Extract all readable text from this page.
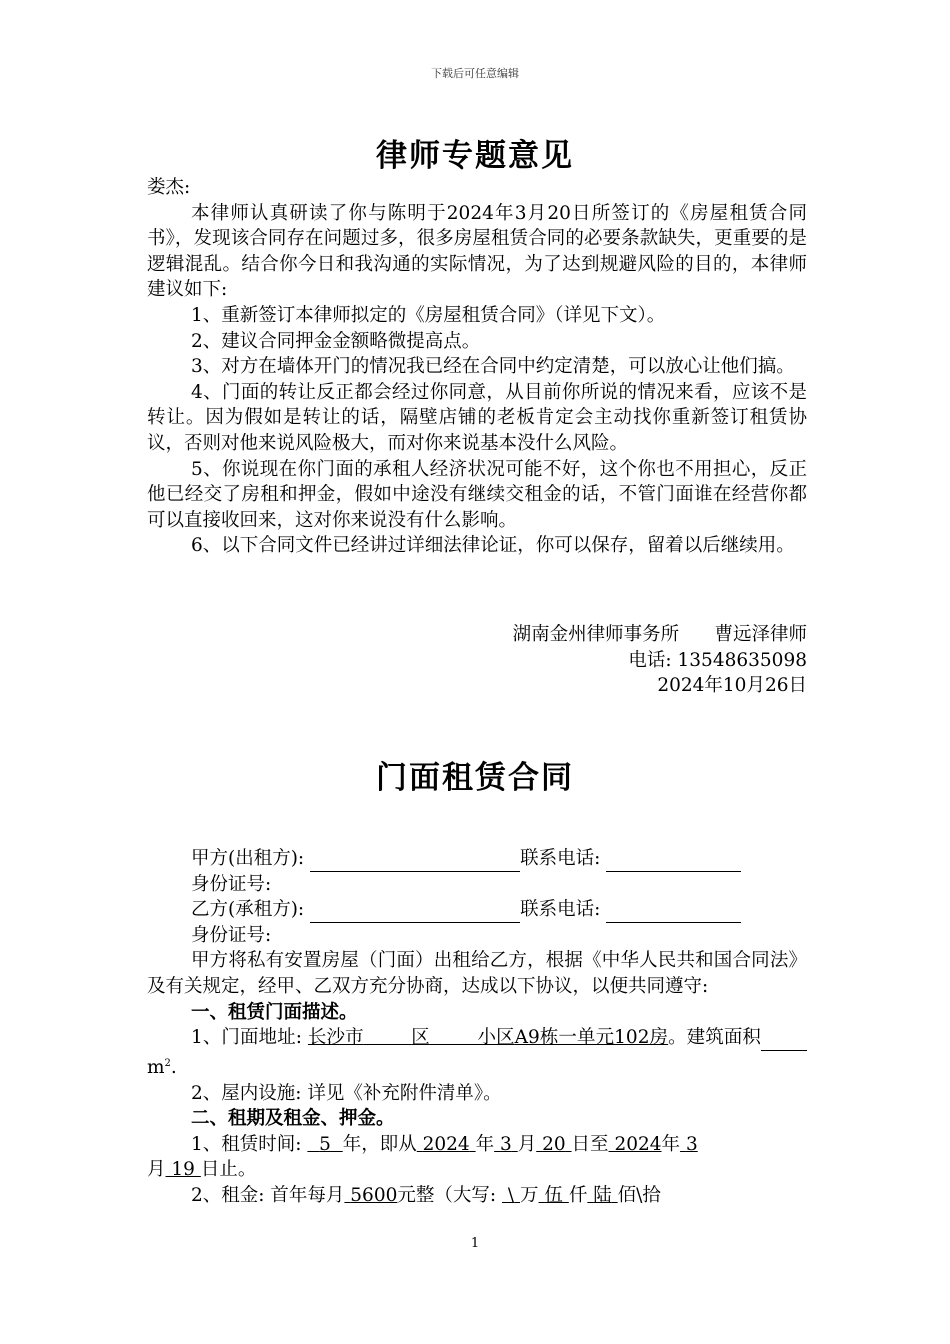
下载后可任意编辑
律师专题意见

娄杰:

本律师认真研读了你与陈明于2024年3月20日所签订的《房屋租赁合同书》，发现该合同存在问题过多，很多房屋租赁合同的必要条款缺失，更重要的是逻辑混乱。结合你今日和我沟通的实际情况，为了达到规避风险的目的，本律师建议如下:

1、重新签订本律师拟定的《房屋租赁合同》（详见下文）。

2、建议合同押金金额略微提高点。

3、对方在墙体开门的情况我已经在合同中约定清楚，可以放心让他们搞。

4、门面的转让反正都会经过你同意，从目前你所说的情况来看，应该不是转让。因为假如是转让的话，隔壁店铺的老板肯定会主动找你重新签订租赁协议，否则对他来说风险极大，而对你来说基本没什么风险。

5、你说现在你门面的承租人经济状况可能不好，这个你也不用担心，反正他已经交了房租和押金，假如中途没有继续交租金的话，不管门面谁在经营你都可以直接收回来，这对你来说没有什么影响。

6、以下合同文件已经讲过详细法律论证，你可以保存，留着以后继续用。

湖南金州律师事务所 曹远泽律师

电话: 13548635098

2024年10月26日

门面租赁合同

甲方(出租方):	联系电话:

身份证号:

乙方(承租方):	联系电话:

身份证号:

甲方将私有安置房屋（门面）出租给乙方，根据《中华人民共和国合同法》及有关规定，经甲、乙双方充分协商，达成以下协议，以便共同遵守:

一、租赁门面描述。

1、门面地址: 长沙市	区	小区A9栋一单元102房。建筑面积$m^2$.

2、屋内设施: 详见《补充附件清单》。

二、租期及租金、押金。

1、租赁时间: 5 年，即从 2024 年 3 月 20 日至 2024年 3
月 19 日止。

2、租金: 首年每月 5600元整（大写: \ 万 伍 仟 陆 佰\拾

1
